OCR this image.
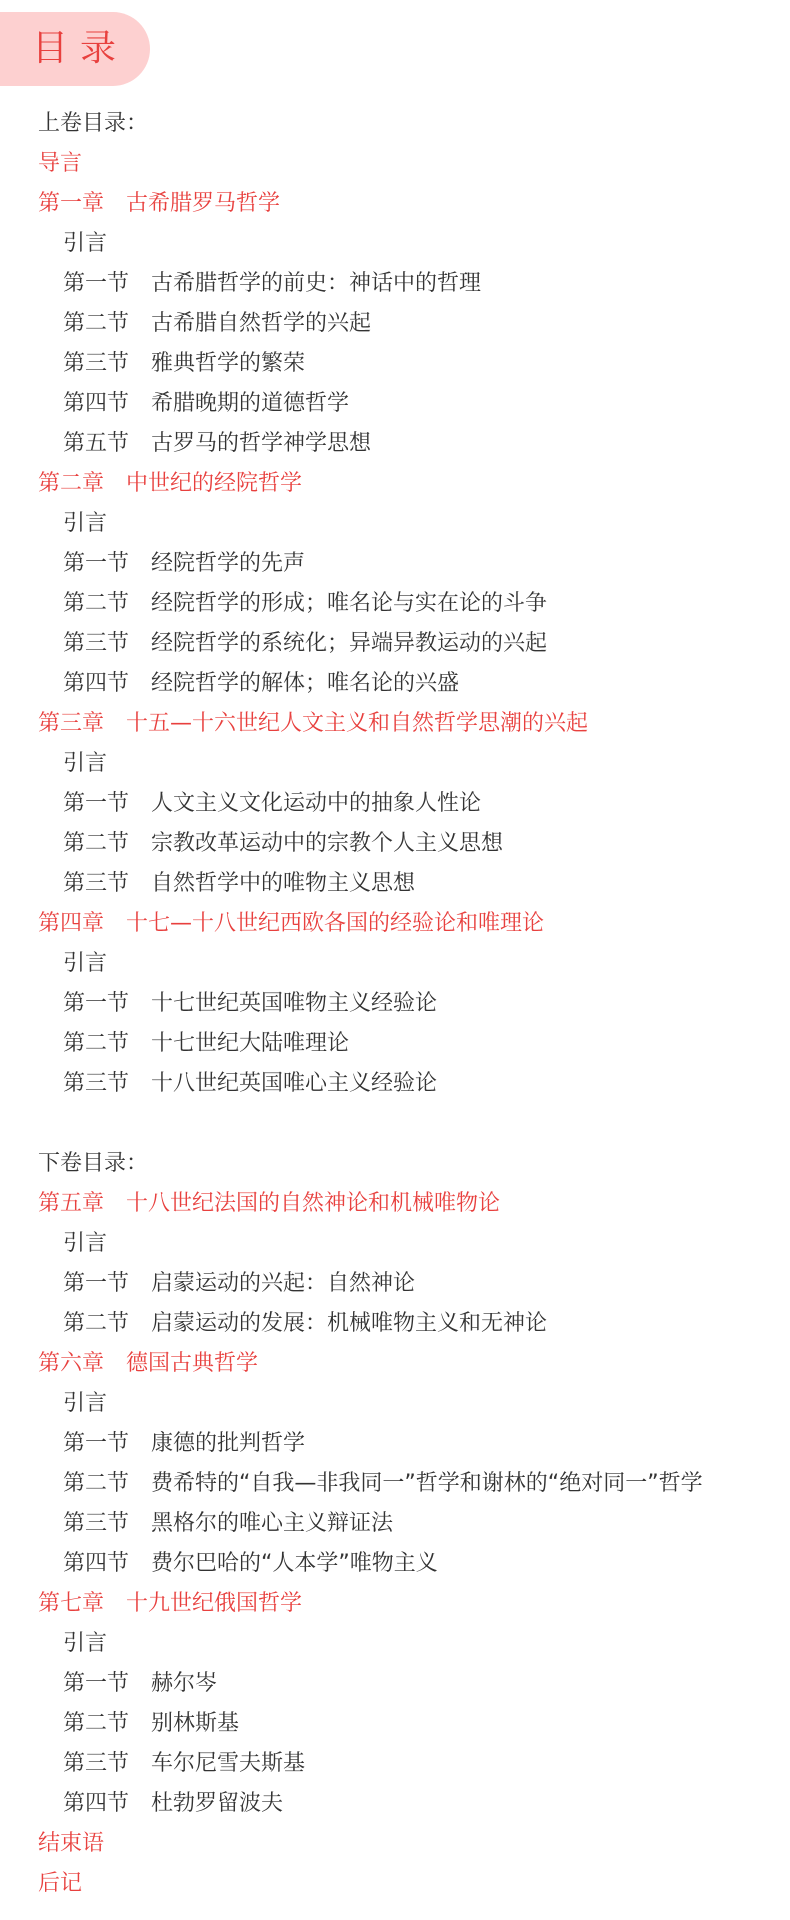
目录
上卷目录：
导言
第一章 古希腊罗马哲学
引言
第一节 古希腊哲学的前史：神话中的哲理
第二节 古希腊自然哲学的兴起
第三节 雅典哲学的繁荣
第四节 希腊晚期的道德哲学
第五节 古罗马的哲学神学思想
第二章 中世纪的经院哲学
引言
第一节 经院哲学的先声
第二节 经院哲学的形成；唯名论与实在论的斗争
第三节 经院哲学的系统化；异端异教运动的兴起
第四节 经院哲学的解体；唯名论的兴盛
第三章 十五—十六世纪人文主义和自然哲学思潮的兴起
引言
第一节 人文主义文化运动中的抽象人性论
第二节 宗教改革运动中的宗教个人主义思想
第三节 自然哲学中的唯物主义思想
第四章 十七—十八世纪西欧各国的经验论和唯理论
引言
第一节 十七世纪英国唯物主义经验论
第二节 十七世纪大陆唯理论
第三节 十八世纪英国唯心主义经验论
下卷目录：
第五章 十八世纪法国的自然神论和机械唯物论
引言
第一节 启蒙运动的兴起：自然神论
第二节 启蒙运动的发展：机械唯物主义和无神论
第六章 德国古典哲学
引言
第一节 康德的批判哲学
第二节 费希特的“自我—非我同一”哲学和谢林的“绝对同一”哲学
第三节 黑格尔的唯心主义辩证法
第四节 费尔巴哈的“人本学”唯物主义
第七章 十九世纪俄国哲学
引言
第一节 赫尔岑
第二节 别林斯基
第三节 车尔尼雪夫斯基
第四节 杜勃罗留波夫
结束语
后记
